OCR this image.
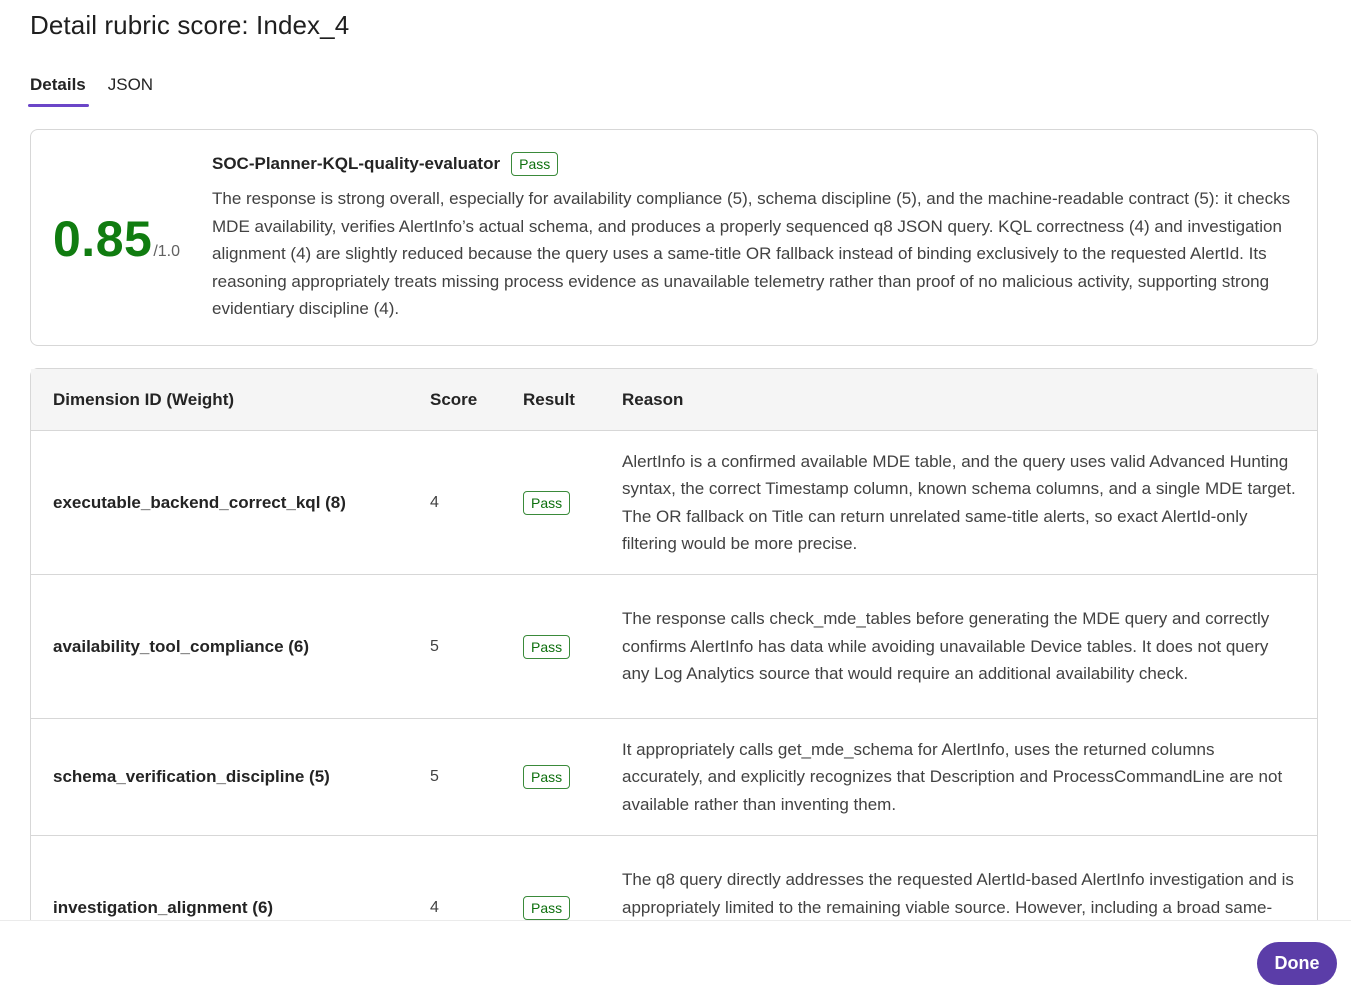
Detail rubric score: Index_4
Details JSON
0.85 /1.0
SOC-Planner-KQL-quality-evaluator	Pass

The response is strong overall, especially for availability compliance (5), schema discipline (5), and the machine-readable contract (5): it checks MDE availability, verifies AlertInfo’s actual schema, and produces a properly sequenced q8 JSON query. KQL correctness (4) and investigation alignment (4) are slightly reduced because the query uses a same-title OR fallback instead of binding exclusively to the requested AlertId. Its reasoning appropriately treats missing process evidence as unavailable telemetry rather than proof of no malicious activity, supporting strong evidentiary discipline (4).

Dimension ID (Weight)	Score	Result	Reason
executable_backend_correct_kql (8)	4	Pass
AlertInfo is a confirmed available MDE table, and the query uses valid Advanced Hunting syntax, the correct Timestamp column, known schema columns, and a single MDE target. The OR fallback on Title can return unrelated same-title alerts, so exact AlertId-only filtering would be more precise.
availability_tool_compliance (6)	5	Pass
The response calls check_mde_tables before generating the MDE query and correctly confirms AlertInfo has data while avoiding unavailable Device tables. It does not query any Log Analytics source that would require an additional availability check.
schema_verification_discipline (5)	5	Pass
It appropriately calls get_mde_schema for AlertInfo, uses the returned columns accurately, and explicitly recognizes that Description and ProcessCommandLine are not available rather than inventing them.
investigation_alignment (6)	4	Pass
The q8 query directly addresses the requested AlertId-based AlertInfo investigation and is appropriately limited to the remaining viable source. However, including a broad same-
Done
